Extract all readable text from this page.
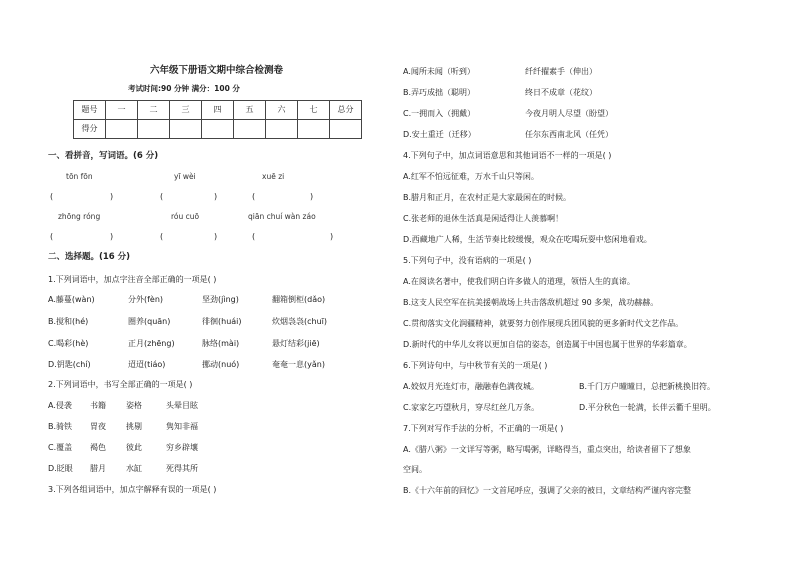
六年级下册语文期中综合检测卷
考试时间:90 分钟 满分：100 分
题号	一	二	三	四	五	六	七	总分
得分								
一、看拼音，写词语。(6 分)
tōn fōn	yī wèi	xuē zi
(	)	(	)	(	)
zhōng róng	róu cuō	qiān chuí wàn záo
(	)	(	)	(	)
二、选择题。(16 分)
1.下列词语中，加点字注音全部正确的一项是( )
A.藤蔓(wàn)	分外(fèn)	坚劲(jìng)	翻箱倒柜(dǎo)
B.搅和(hé)	圈养(quān)	徘徊(huái)	炊烟袅袅(chuī)
C.喝彩(hè)	正月(zhēng)	脉络(mài)	悬灯结彩(jiē)
D.钥匙(chí)	迢迢(tiáo)	挪动(nuó)	奄奄一息(yǎn)
2.下列词语中，书写全部正确的一项是( )
A.侵袭 书籍	姿格	头晕目眩
B.骑铁 胃夜	挑剔	隽知非福
C.覆盖 褐色	彼此	穷乡辟壤
D.眨眼 腊月	水缸	死得其所
3.下列各组词语中，加点字解释有误的一项是( )
A.闻所未闻（听到）	纤纤擢素手（伸出）
B.弄巧成拙（聪明）	终日不成章（花纹）
C.一拥而入（拥戴）	今夜月明人尽望（盼望）
D.安土重迁（迁移）	任尔东西南北风（任凭）
4.下列句子中，加点词语意思和其他词语不一样的一项是( )
A.红军不怕远征难，万水千山只等闲。
B.腊月和正月，在农村正是大家最闲在的时候。
C.张老师的退休生活真是闲适得让人羡慕啊！
D.西藏地广人稀，生活节奏比较缓慢，观众在吃喝玩耍中悠闲地看戏。
5.下列句子中，没有语病的一项是( )
A.在阅读名著中，使我们明白许多做人的道理，领悟人生的真谛。
B.这支人民空军在抗美援朝战场上共击落敌机超过 90 多架，战功赫赫。
C.贯彻落实文化润疆精神，就要努力创作展现兵团风貌的更多新时代文艺作品。
D.新时代的中华儿女将以更加自信的姿态，创造属于中国也属于世界的华彩篇章。
6.下列诗句中，与中秋节有关的一项是( )
A.姣奴月光连灯市，融融春色满夜城。	B.千门万户曈曈日，总把新桃换旧符。
C.家家乞巧望秋月，穿尽红丝几万条。	D.平分秋色一轮满，长伴云衢千里明。
7.下列对写作手法的分析，不正确的一项是( )
A.《腊八粥》一文详写等粥，略写喝粥，详略得当，重点突出，给读者留下了想象
空间。
B.《十六年前的回忆》一文首尾呼应，强调了父亲的被日，文章结构严谨内容完整
